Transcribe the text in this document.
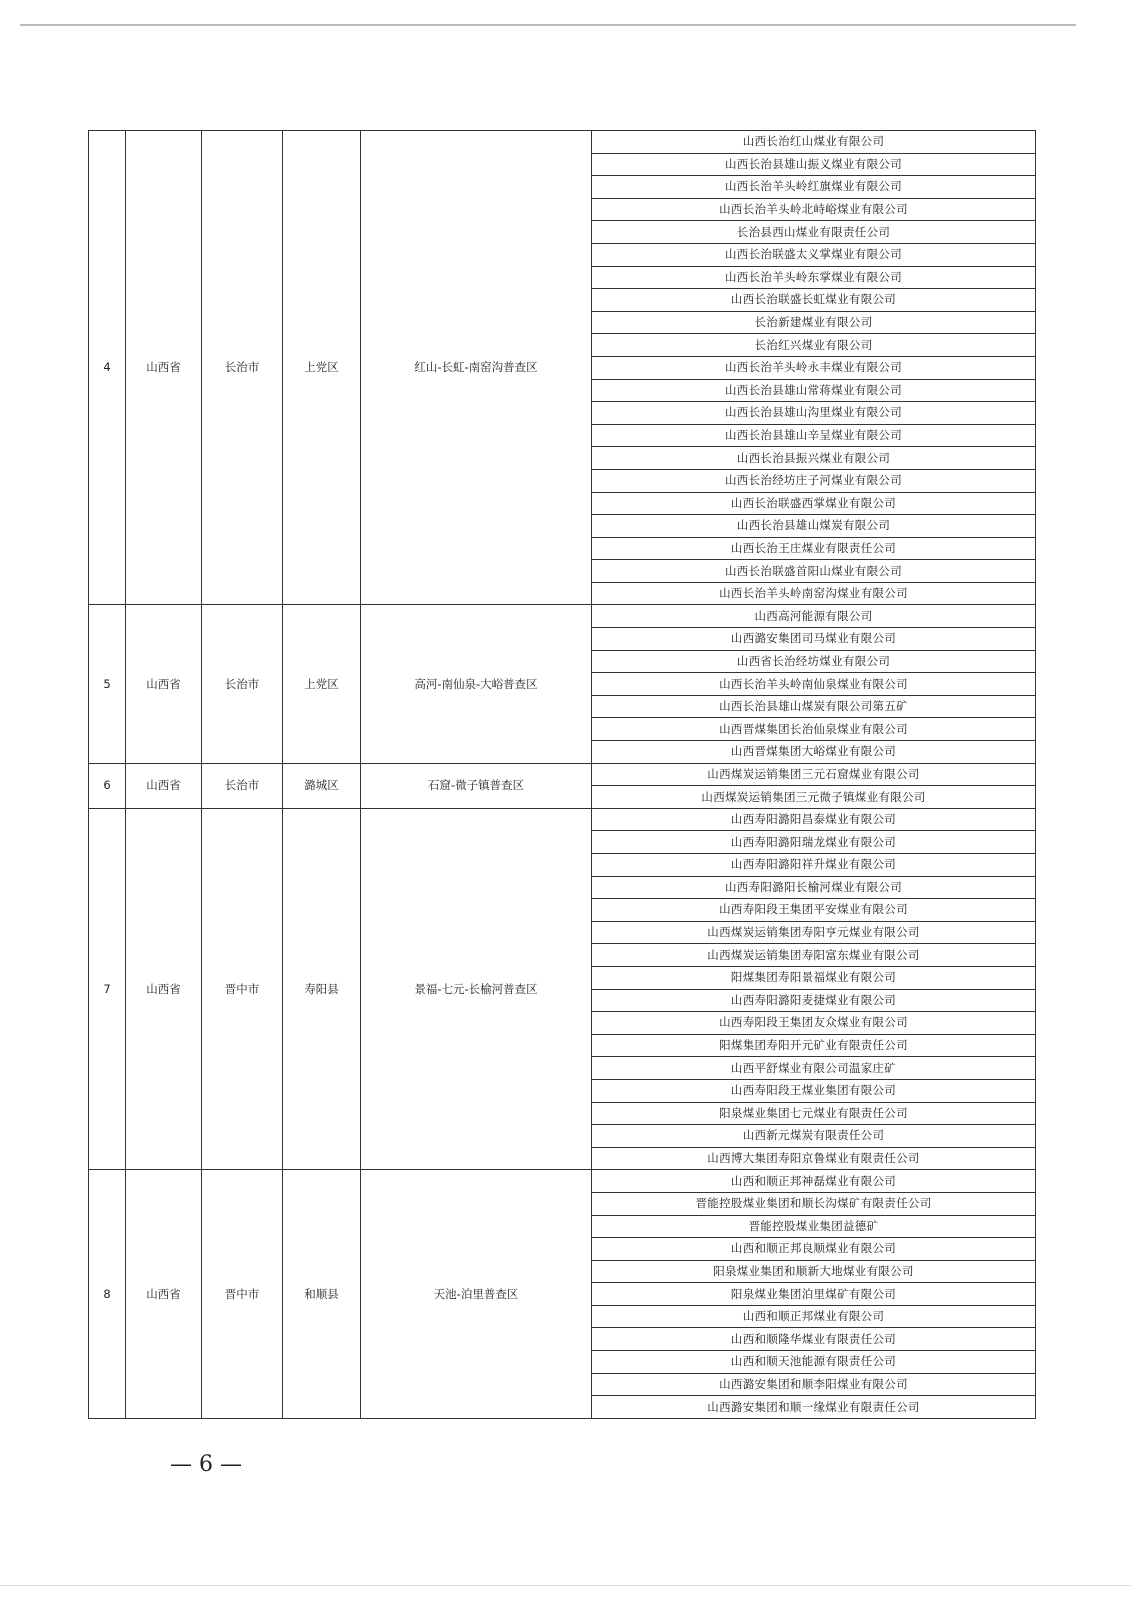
4	山西省	长治市	上党区	红山-长虹-南窑沟普查区	山西长治红山煤业有限公司
					山西长治县雄山振义煤业有限公司
					山西长治羊头岭红旗煤业有限公司
					山西长治羊头岭北峙峪煤业有限公司
					长治县西山煤业有限责任公司
					山西长治联盛太义掌煤业有限公司
					山西长治羊头岭东掌煤业有限公司
					山西长治联盛长虹煤业有限公司
					长治新建煤业有限公司
					长治红兴煤业有限公司
					山西长治羊头岭永丰煤业有限公司
					山西长治县雄山常蒋煤业有限公司
					山西长治县雄山沟里煤业有限公司
					山西长治县雄山辛呈煤业有限公司
					山西长治县振兴煤业有限公司
					山西长治经坊庄子河煤业有限公司
					山西长治联盛西掌煤业有限公司
					山西长治县雄山煤炭有限公司
					山西长治王庄煤业有限责任公司
					山西长治联盛首阳山煤业有限公司
					山西长治羊头岭南窑沟煤业有限公司
5	山西省	长治市	上党区	高河-南仙泉-大峪普查区	山西高河能源有限公司
					山西潞安集团司马煤业有限公司
					山西省长治经坊煤业有限公司
					山西长治羊头岭南仙泉煤业有限公司
					山西长治县雄山煤炭有限公司第五矿
					山西晋煤集团长治仙泉煤业有限公司
					山西晋煤集团大峪煤业有限公司
6	山西省	长治市	潞城区	石窟-微子镇普查区	山西煤炭运销集团三元石窟煤业有限公司
					山西煤炭运销集团三元微子镇煤业有限公司
7	山西省	晋中市	寿阳县	景福-七元-长榆河普查区	山西寿阳潞阳昌泰煤业有限公司
					山西寿阳潞阳瑞龙煤业有限公司
					山西寿阳潞阳祥升煤业有限公司
					山西寿阳潞阳长榆河煤业有限公司
					山西寿阳段王集团平安煤业有限公司
					山西煤炭运销集团寿阳亨元煤业有限公司
					山西煤炭运销集团寿阳富东煤业有限公司
					阳煤集团寿阳景福煤业有限公司
					山西寿阳潞阳麦捷煤业有限公司
					山西寿阳段王集团友众煤业有限公司
					阳煤集团寿阳开元矿业有限责任公司
					山西平舒煤业有限公司温家庄矿
					山西寿阳段王煤业集团有限公司
					阳泉煤业集团七元煤业有限责任公司
					山西新元煤炭有限责任公司
					山西博大集团寿阳京鲁煤业有限责任公司
8	山西省	晋中市	和顺县	天池-泊里普查区	山西和顺正邦神磊煤业有限公司
					晋能控股煤业集团和顺长沟煤矿有限责任公司
					晋能控股煤业集团益德矿
					山西和顺正邦良顺煤业有限公司
					阳泉煤业集团和顺新大地煤业有限公司
					阳泉煤业集团泊里煤矿有限公司
					山西和顺正邦煤业有限公司
					山西和顺隆华煤业有限责任公司
					山西和顺天池能源有限责任公司
					山西潞安集团和顺李阳煤业有限公司
					山西潞安集团和顺一缘煤业有限责任公司
— 6 —
